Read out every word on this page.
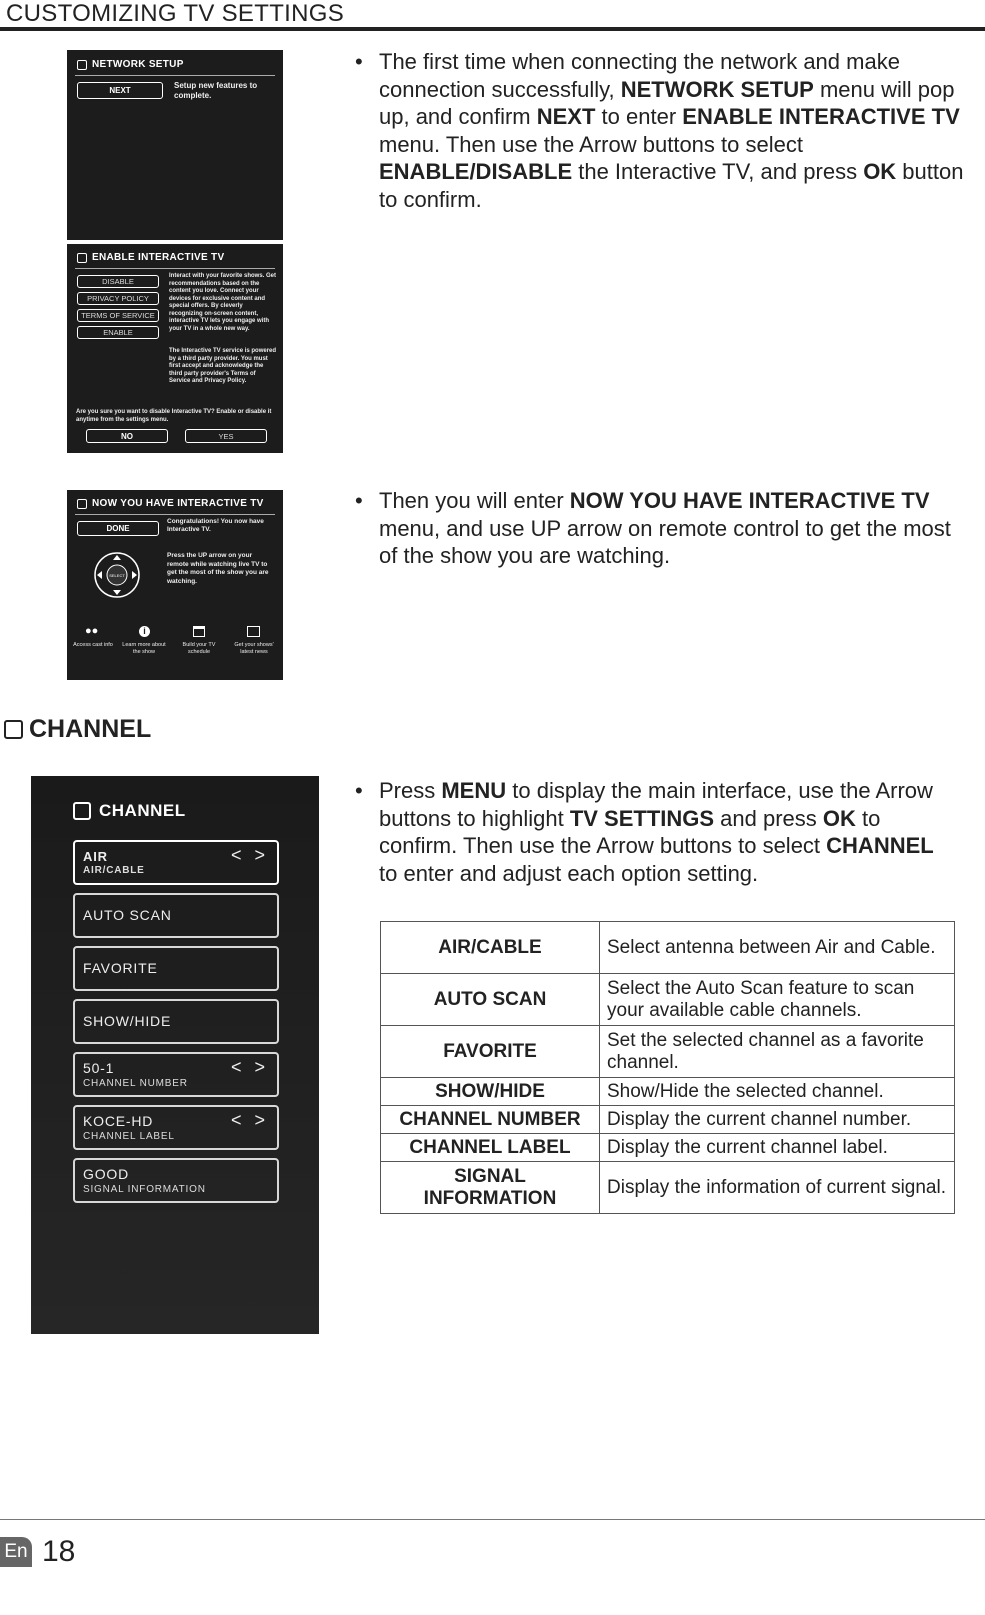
CUSTOMIZING TV SETTINGS
NETWORK SETUP
NEXT
Setup new features to complete.
ENABLE INTERACTIVE TV
DISABLE
PRIVACY POLICY
TERMS OF SERVICE
ENABLE
Interact with your favorite shows. Get recommendations based on the content you love. Connect your devices for exclusive content and special offers. By cleverly recognizing on-screen content, interactive TV lets you engage with your TV in a whole new way.
The Interactive TV service is powered by a third party provider. You must first accept and acknowledge the third party provider's Terms of Service and Privacy Policy.
Are you sure you want to disable Interactive TV? Enable or disable it anytime from the settings menu.
NO	YES
NOW YOU HAVE INTERACTIVE TV
DONE
Congratulations! You now have Interactive TV.
Press the UP arrow on your remote while watching live TV to get the most of the show you are watching.
SELECT
●●	i
Access cast info	Learn more about the show
Build your TV schedule
Get your shows' latest news
• The first time when connecting the network and make connection successfully, NETWORK SETUP menu will pop up, and confirm NEXT to enter ENABLE INTERACTIVE TV menu. Then use the Arrow buttons to select ENABLE/DISABLE the Interactive TV, and press OK button to confirm.
• Then you will enter NOW YOU HAVE INTERACTIVE TV menu, and use UP arrow on remote control to get the most of the show you are watching.
CHANNEL
CHANNEL
AIR
AIR/CABLE
< >
AUTO SCAN
FAVORITE
SHOW/HIDE
50-1
CHANNEL NUMBER
< >
KOCE-HD
CHANNEL LABEL
< >
GOOD
SIGNAL INFORMATION
• Press MENU to display the main interface, use the Arrow buttons to highlight TV SETTINGS and press OK to confirm. Then use the Arrow buttons to select CHANNEL to enter and adjust each option setting.
AIR/CABLE	Select antenna between Air and Cable.
AUTO SCAN	Select the Auto Scan feature to scan your available cable channels.
FAVORITE	Set the selected channel as a favorite channel.
SHOW/HIDE	Show/Hide the selected channel.
CHANNEL NUMBER	Display the current channel number.
CHANNEL LABEL	Display the current channel label.
SIGNAL INFORMATION	Display the information of current signal.
En 18
